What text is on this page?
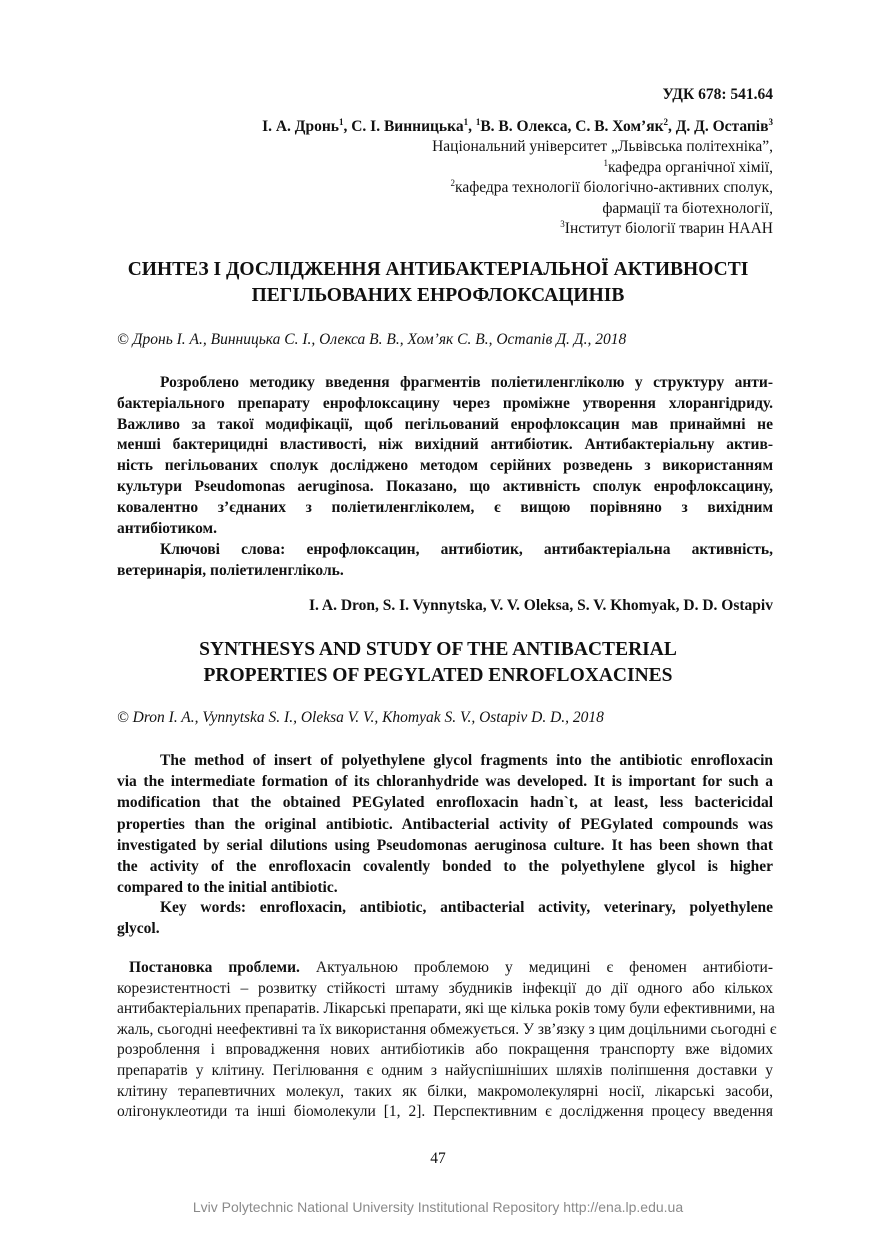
УДК 678: 541.64
І. А. Дронь$^1$, С. І. Винницька$^1$, $^1$В. В. Олекса, С. В. $Хом’як^2$, Д. Д. Остапів$^3$
Національний університет „Львівська політехніка”,
$^1$кафедра органічної хімії,
$^2$кафедра технології біологічно-активних сполук,
фармації та біотехнології,
$^3$Інститут біології тварин НААН
СИНТЕЗ І ДОСЛІДЖЕННЯ АНТИБАКТЕРІАЛЬНОЇ АКТИВНОСТІ
ПЕГІЛЬОВАНИХ ЕНРОФЛОКСАЦИНІВ
© Дронь І. А., Винницька С. І., Олекса В. В., Хом’як С. В., Остапів Д. Д., 2018
Розроблено методику введення фрагментів поліетиленгліколю у структуру анти-
бактеріального препарату енрофлоксацину через проміжне утворення хлорангідриду.
Важливо за такої модифікації, щоб пегільований енрофлоксацин мав принаймні не
менші бактерицидні властивості, ніж вихідний антибіотик. Антибактеріальну актив-
ність пегільованих сполук досліджено методом серійних розведень з використанням
культури Pseudomonas aeruginosa. Показано, що активність сполук енрофлоксацину,
ковалентно з’єднаних з поліетиленгліколем, є вищою порівняно з вихідним
антибіотиком.
Ключові слова: енрофлоксацин, антибіотик, антибактеріальна активність,
ветеринарія, поліетиленгліколь.
I. A. Dron, S. I. Vynnytska, V. V. Oleksa, S. V. Khomyak, D. D. Ostapiv
SYNTHESYS AND STUDY OF THE ANTIBACTERIAL
PROPERTIES OF PEGYLATED ENROFLOXACINES
© Dron I. A., Vynnytska S. I., Oleksa V. V., Khomyak S. V., Ostapiv D. D., 2018
The method of insert of polyethylene glycol fragments into the antibiotic enrofloxacin
via the intermediate formation of its chloranhydride was developed. It is important for such a
modification that the obtained PEGylated enrofloxacin hadn`t, at least, less bactericidal
properties than the original antibiotic. Antibacterial activity of PEGylated compounds was
investigated by serial dilutions using Pseudomonas aeruginosa culture. It has been shown that
the activity of the enrofloxacin covalently bonded to the polyethylene glycol is higher
compared to the initial antibiotic.
Key words: enrofloxacin, antibiotic, antibacterial activity, veterinary, polyethylene
glycol.
Постановка проблеми. Актуальною проблемою у медицині є феномен антибіоти-
корезистентності – розвитку стійкості штаму збудників інфекції до дії одного або кількох
антибактеріальних препаратів. Лікарські препарати, які ще кілька років тому були ефективними, на
жаль, сьогодні неефективні та їх використання обмежується. У зв’язку з цим доцільними сьогодні є
розроблення і впровадження нових антибіотиків або покращення транспорту вже відомих
препаратів у клітину. Пегілювання є одним з найуспішніших шляхів поліпшення доставки у
клітину терапевтичних молекул, таких як білки, макромолекулярні носії, лікарські засоби,
олігонуклеотиди та інші біомолекули [1, 2]. Перспективним є дослідження процесу введення
47
Lviv Polytechnic National University Institutional Repository http://ena.lp.edu.ua
